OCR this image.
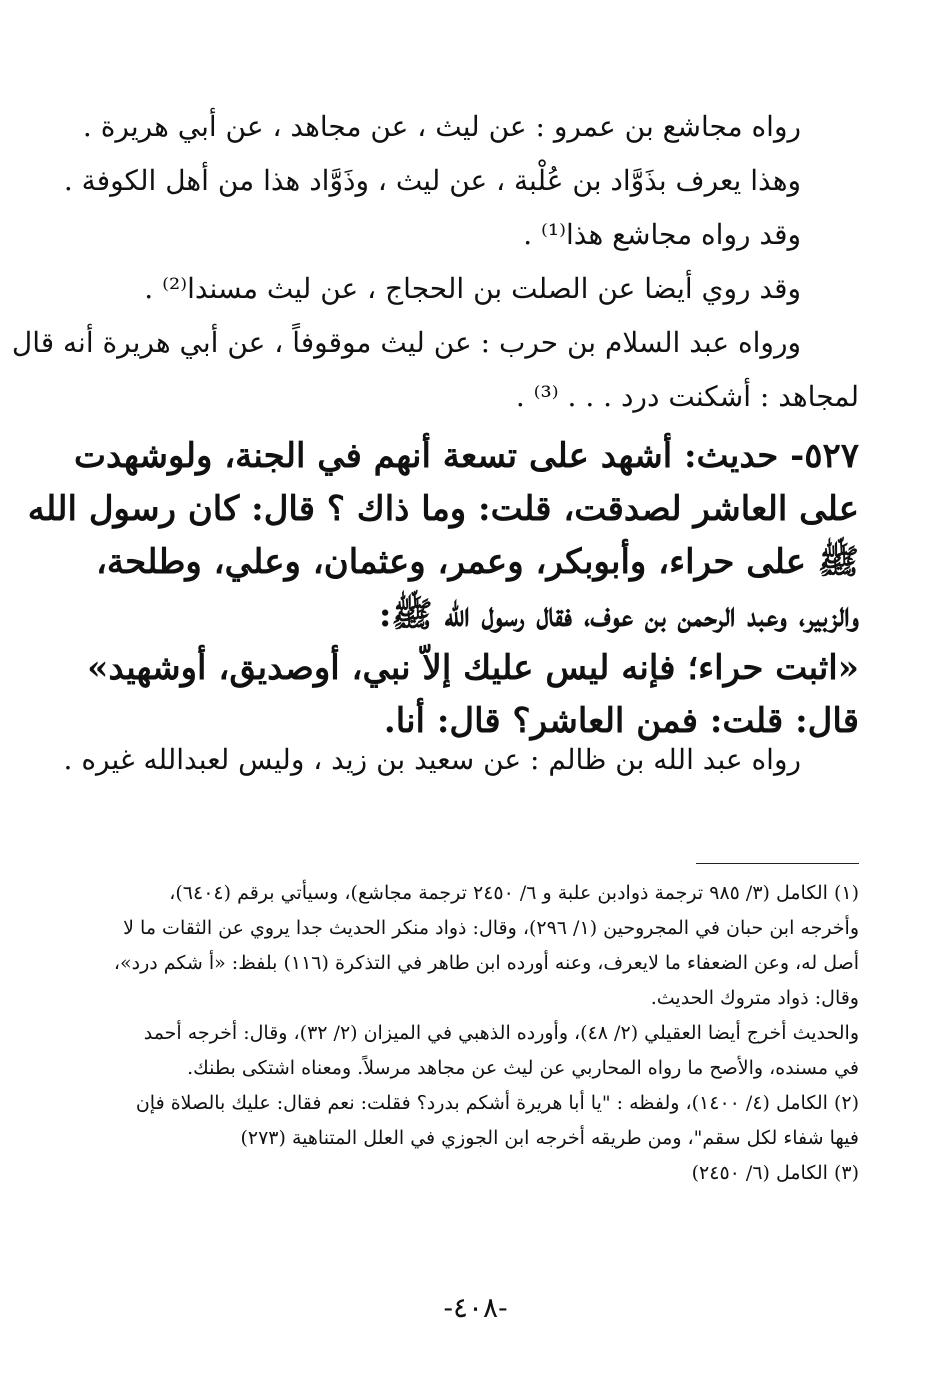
رواه مجاشع بن عمرو : عن ليث ، عن مجاهد ، عن أبي هريرة .

وهذا يعرف بذَوَّاد بن عُلْبة ، عن ليث ، وذَوَّاد هذا من أهل الكوفة .

وقد رواه مجاشع هذا⁽¹⁾ .

وقد روي أيضا عن الصلت بن الحجاج ، عن ليث مسندا⁽²⁾ .

ورواه عبد السلام بن حرب : عن ليث موقوفاً ، عن أبي هريرة أنه قال

لمجاهد : أشكنت درد . . . ⁽³⁾ .

٥٢٧- حديث: أشهد على تسعة أنهم في الجنة، ولوشهدت

على العاشر لصدقت، قلت: وما ذاك ؟ قال: كان رسول الله

ﷺ على حراء، وأبوبكر، وعمر، وعثمان، وعلي، وطلحة،

والزبير، وعبد الرحمن بن عوف، فقال رسول الله ﷺ:

«اثبت حراء؛ فإنه ليس عليك إلاّ نبي، أوصديق، أوشهيد»

قال: قلت: فمن العاشر؟ قال: أنا.

رواه عبد الله بن ظالم : عن سعيد بن زيد ، وليس لعبدالله غيره .

(١) الكامل (٣/ ٩٨٥ ترجمة ذوادبن علبة و ٦/ ٢٤٥٠ ترجمة مجاشع)، وسيأتي برقم (٦٤٠٤)،

وأخرجه ابن حبان في المجروحين (١/ ٢٩٦)، وقال: ذواد منكر الحديث جدا يروي عن الثقات ما لا

أصل له، وعن الضعفاء ما لايعرف، وعنه أورده ابن طاهر في التذكرة (١١٦) بلفظ: «أ شكم درد»،

وقال: ذواد متروك الحديث.

والحديث أخرج أيضا العقيلي (٢/ ٤٨)، وأورده الذهبي في الميزان (٢/ ٣٢)، وقال: أخرجه أحمد

في مسنده، والأصح ما رواه المحاربي عن ليث عن مجاهد مرسلاً. ومعناه اشتكى بطنك.

(٢) الكامل (٤/ ١٤٠٠)، ولفظه : "يا أبا هريرة أشكم بدرد؟ فقلت: نعم فقال: عليك بالصلاة فإن

فيها شفاء لكل سقم"، ومن طريقه أخرجه ابن الجوزي في العلل المتناهية (٢٧٣)

(٣) الكامل (٦/ ٢٤٥٠)

-٤٠٨-
